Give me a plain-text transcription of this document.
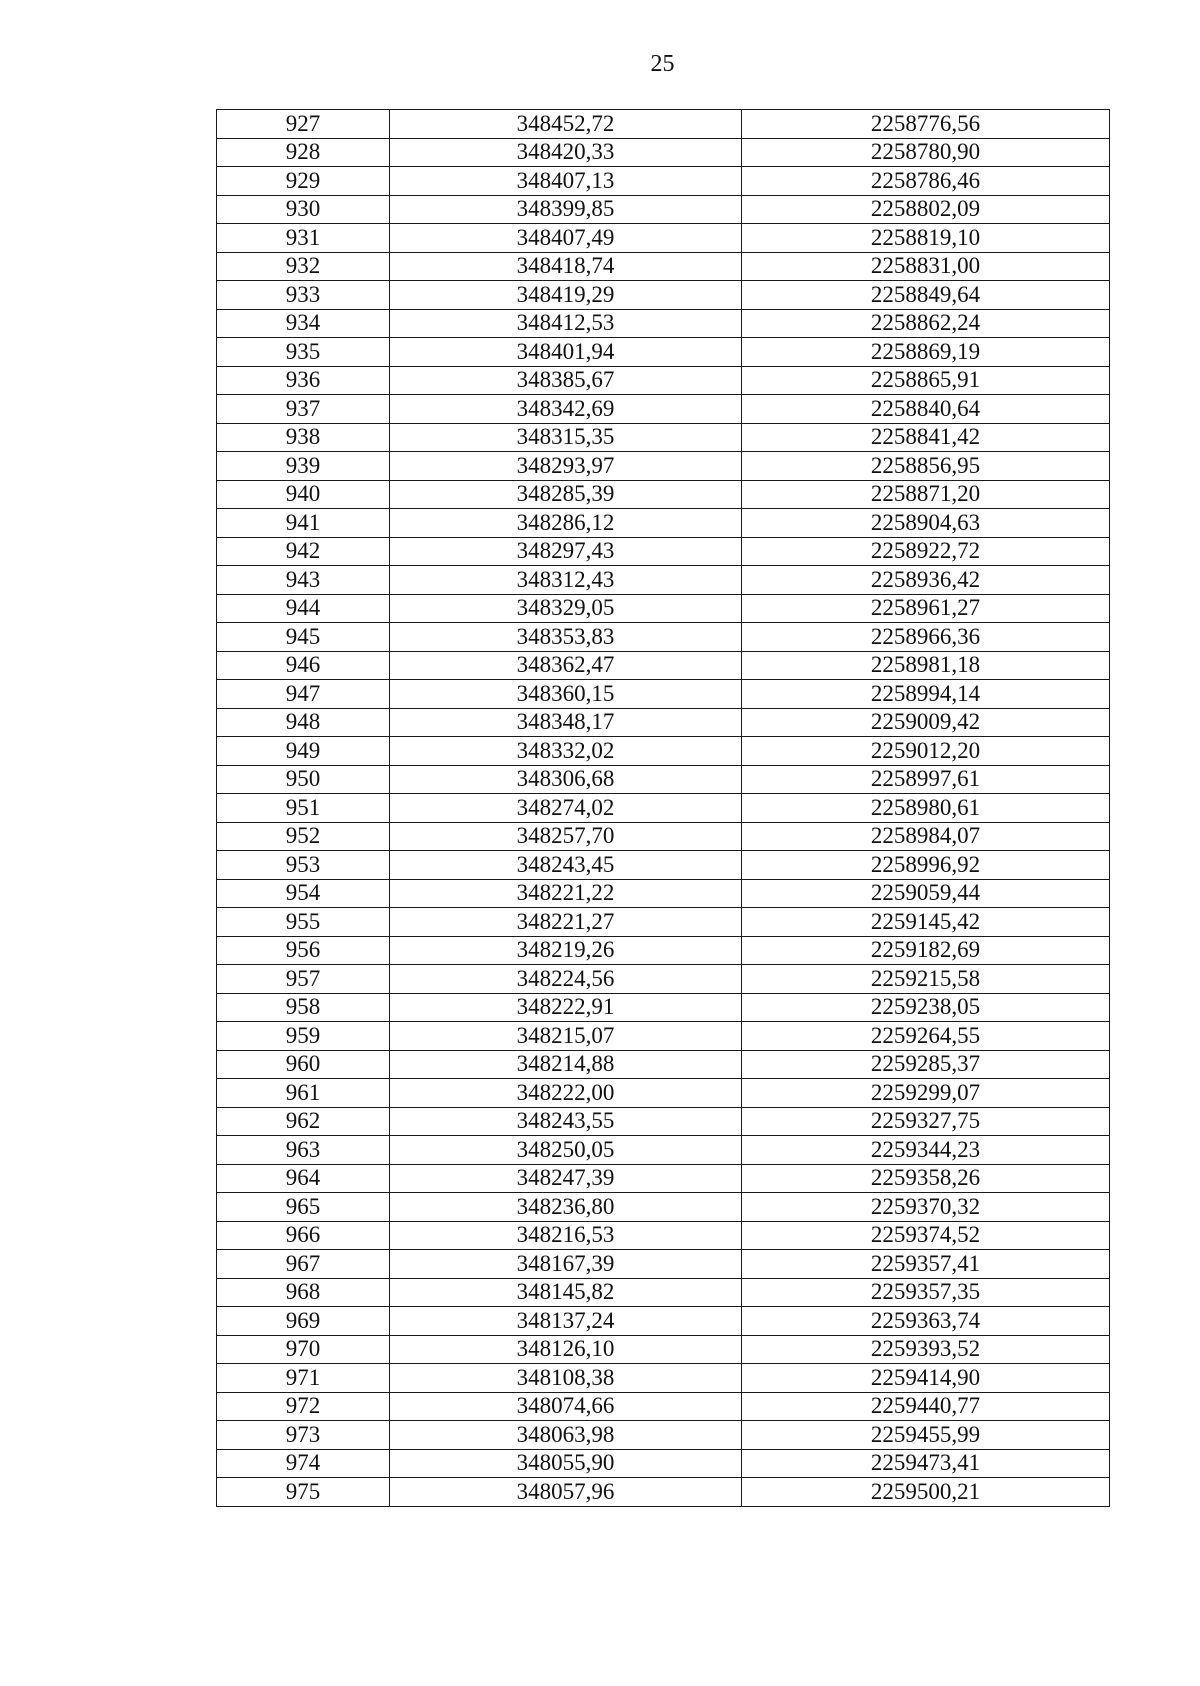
25
927	348452,72	2258776,56
928	348420,33	2258780,90
929	348407,13	2258786,46
930	348399,85	2258802,09
931	348407,49	2258819,10
932	348418,74	2258831,00
933	348419,29	2258849,64
934	348412,53	2258862,24
935	348401,94	2258869,19
936	348385,67	2258865,91
937	348342,69	2258840,64
938	348315,35	2258841,42
939	348293,97	2258856,95
940	348285,39	2258871,20
941	348286,12	2258904,63
942	348297,43	2258922,72
943	348312,43	2258936,42
944	348329,05	2258961,27
945	348353,83	2258966,36
946	348362,47	2258981,18
947	348360,15	2258994,14
948	348348,17	2259009,42
949	348332,02	2259012,20
950	348306,68	2258997,61
951	348274,02	2258980,61
952	348257,70	2258984,07
953	348243,45	2258996,92
954	348221,22	2259059,44
955	348221,27	2259145,42
956	348219,26	2259182,69
957	348224,56	2259215,58
958	348222,91	2259238,05
959	348215,07	2259264,55
960	348214,88	2259285,37
961	348222,00	2259299,07
962	348243,55	2259327,75
963	348250,05	2259344,23
964	348247,39	2259358,26
965	348236,80	2259370,32
966	348216,53	2259374,52
967	348167,39	2259357,41
968	348145,82	2259357,35
969	348137,24	2259363,74
970	348126,10	2259393,52
971	348108,38	2259414,90
972	348074,66	2259440,77
973	348063,98	2259455,99
974	348055,90	2259473,41
975	348057,96	2259500,21
